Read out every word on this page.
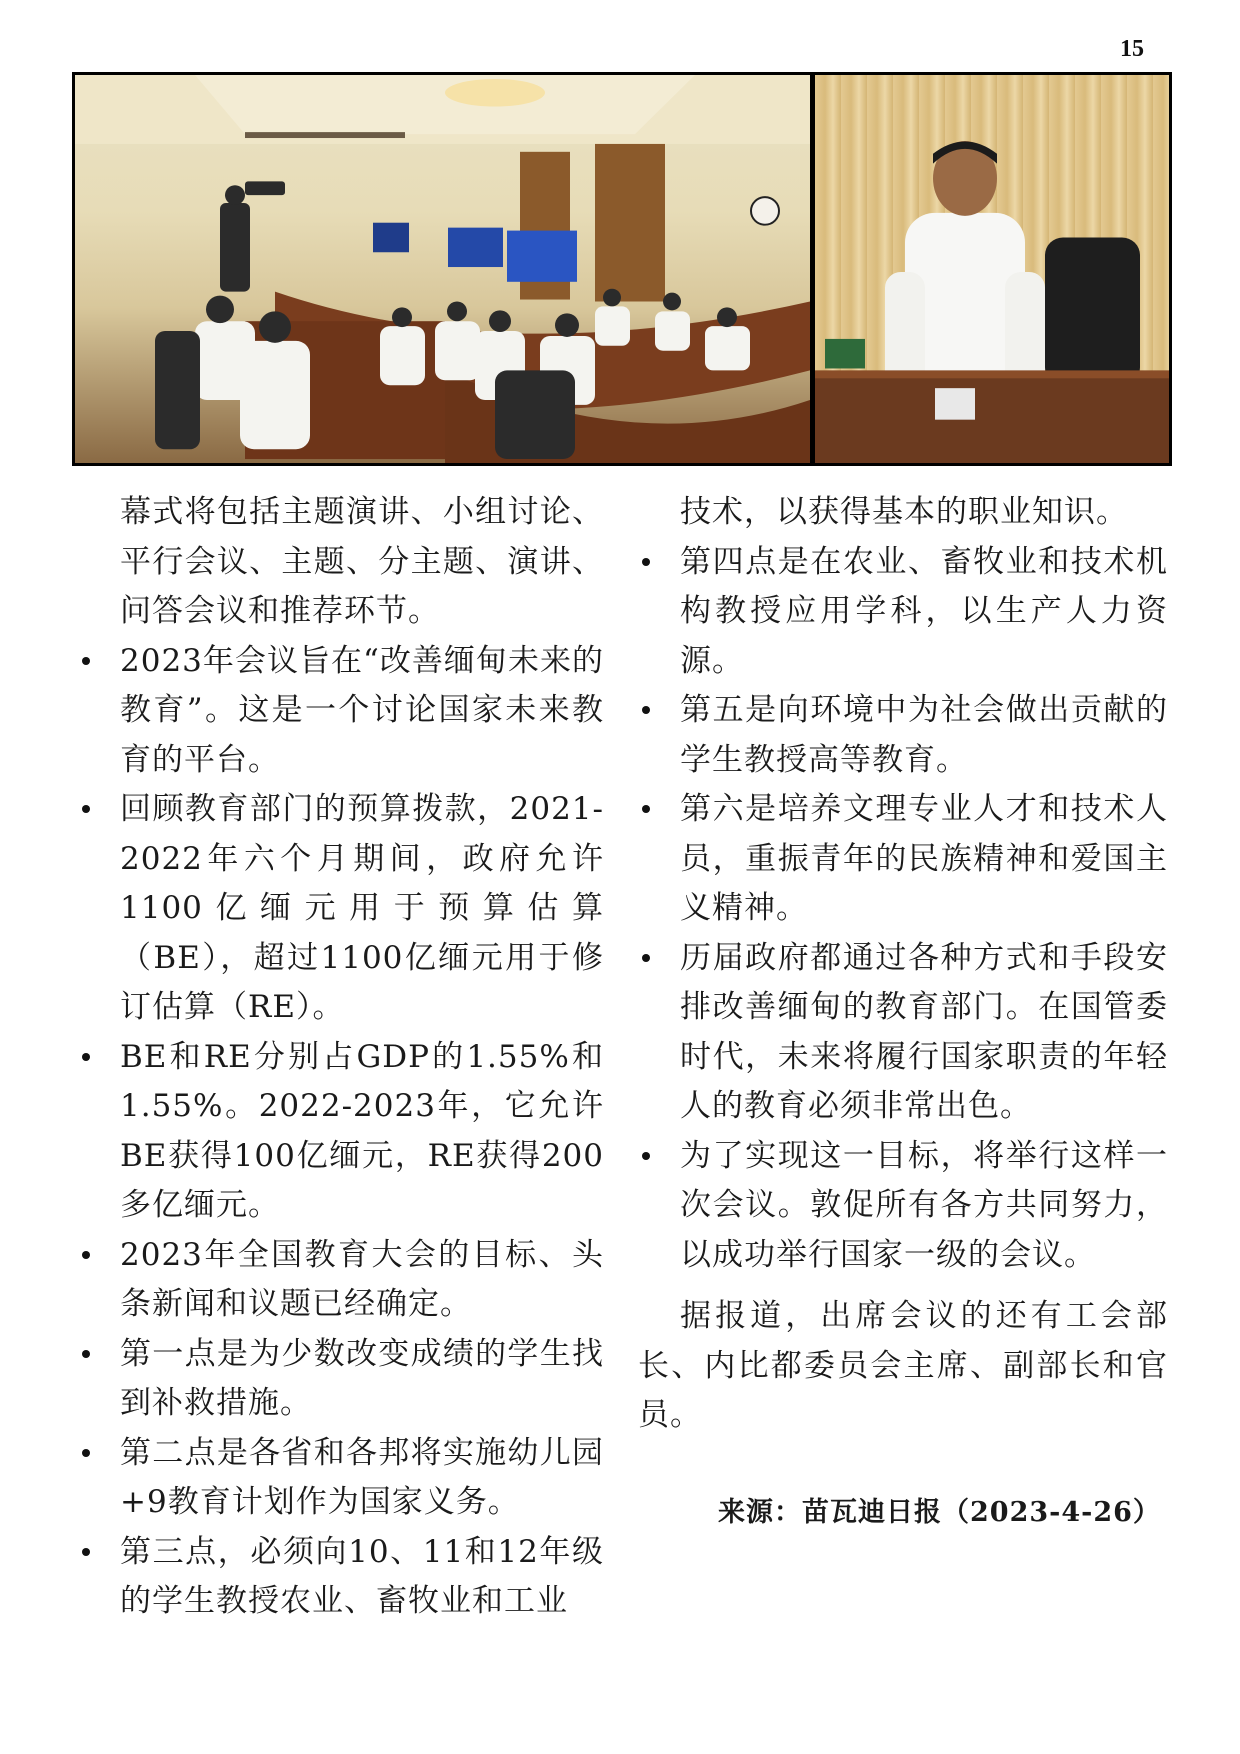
15

幕式将包括主题演讲、小组讨论、平行会议、主题、分主题、演讲、问答会议和推荐环节。

2023年会议旨在“改善缅甸未来的教育”。这是一个讨论国家未来教育的平台。

回顾教育部门的预算拨款，2021-2022年六个月期间，政府允许1100亿缅元用于预算估算（BE），超过1100亿缅元用于修订估算（RE）。

BE和RE分别占GDP的1.55%和1.55%。2022-2023年，它允许BE获得100亿缅元，RE获得200多亿缅元。

2023年全国教育大会的目标、头条新闻和议题已经确定。

第一点是为少数改变成绩的学生找到补救措施。

第二点是各省和各邦将实施幼儿园+9教育计划作为国家义务。

第三点，必须向10、11和12年级的学生教授农业、畜牧业和工业

技术，以获得基本的职业知识。

第四点是在农业、畜牧业和技术机构教授应用学科，以生产人力资源。

第五是向环境中为社会做出贡献的学生教授高等教育。

第六是培养文理专业人才和技术人员，重振青年的民族精神和爱国主义精神。

历届政府都通过各种方式和手段安排改善缅甸的教育部门。在国管委时代，未来将履行国家职责的年轻人的教育必须非常出色。

为了实现这一目标，将举行这样一次会议。敦促所有各方共同努力，以成功举行国家一级的会议。

据报道，出席会议的还有工会部长、内比都委员会主席、副部长和官员。

来源：苗瓦迪日报（2023-4-26）
